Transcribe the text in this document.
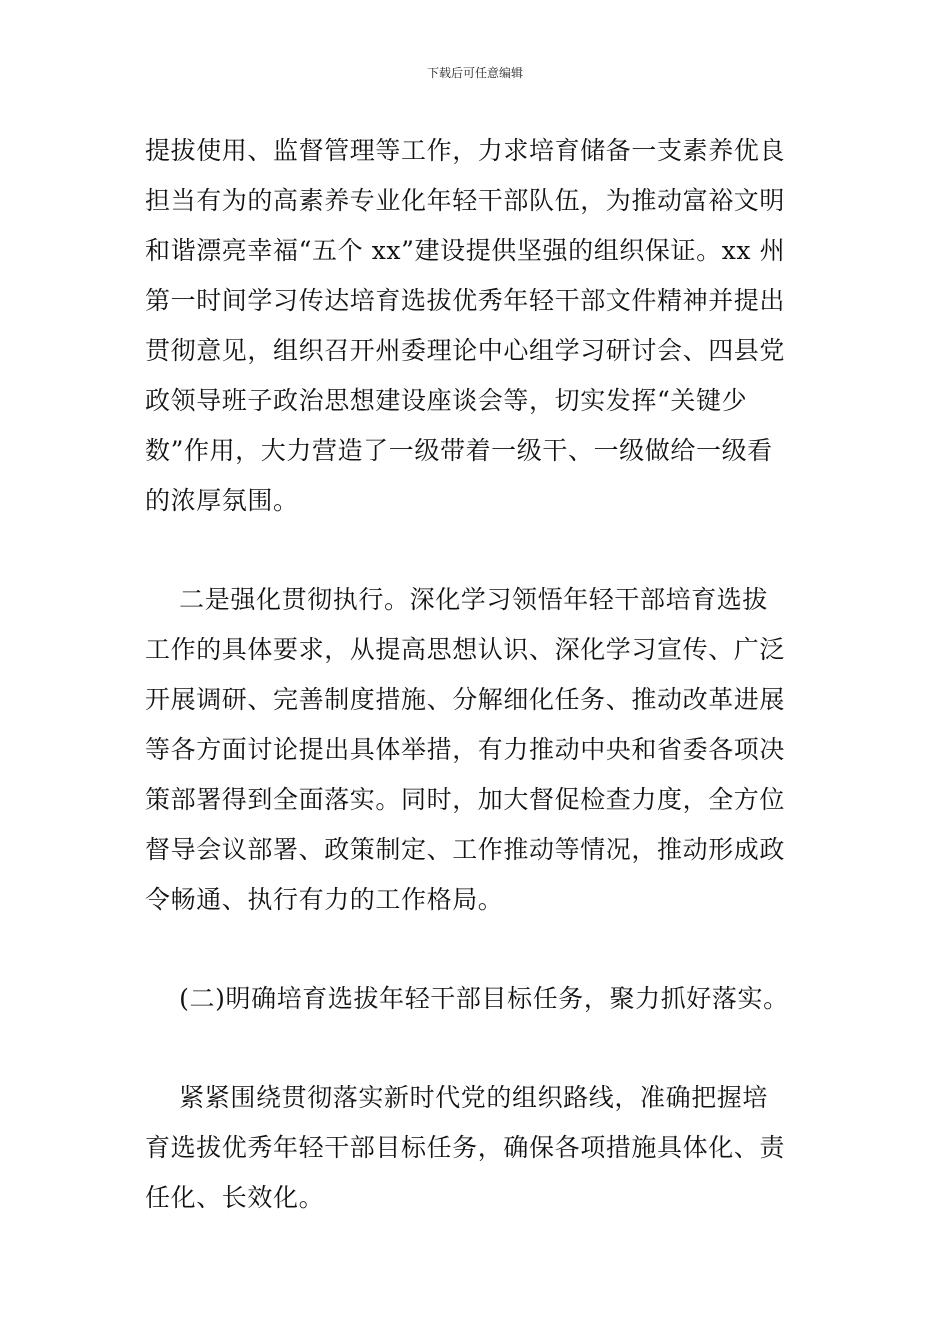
下载后可任意编辑
提拔使用、监督管理等工作，力求培育储备一支素养优良
担当有为的高素养专业化年轻干部队伍，为推动富裕文明
和谐漂亮幸福“五个 xx”建设提供坚强的组织保证。xx 州
第一时间学习传达培育选拔优秀年轻干部文件精神并提出
贯彻意见，组织召开州委理论中心组学习研讨会、四县党
政领导班子政治思想建设座谈会等，切实发挥“关键少
数”作用，大力营造了一级带着一级干、一级做给一级看
的浓厚氛围。
二是强化贯彻执行。深化学习领悟年轻干部培育选拔
工作的具体要求，从提高思想认识、深化学习宣传、广泛
开展调研、完善制度措施、分解细化任务、推动改革进展
等各方面讨论提出具体举措，有力推动中央和省委各项决
策部署得到全面落实。同时，加大督促检查力度，全方位
督导会议部署、政策制定、工作推动等情况，推动形成政
令畅通、执行有力的工作格局。
(二)明确培育选拔年轻干部目标任务，聚力抓好落实。
紧紧围绕贯彻落实新时代党的组织路线，准确把握培
育选拔优秀年轻干部目标任务，确保各项措施具体化、责
任化、长效化。
